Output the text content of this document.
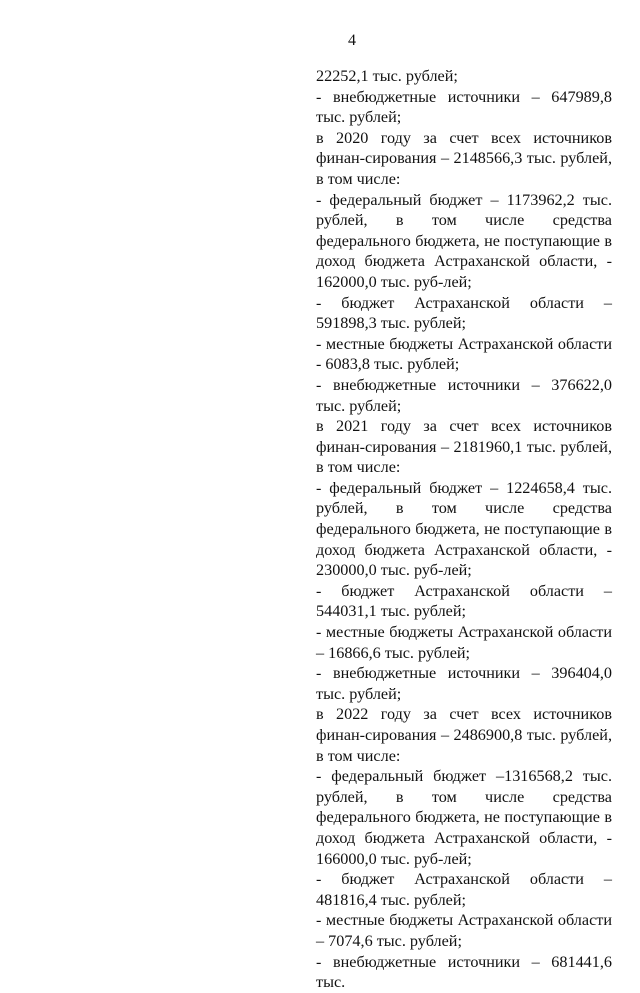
4
22252,1 тыс. рублей;
- внебюджетные источники – 647989,8 тыс. рублей;
в 2020 году за счет всех источников финан-сирования – 2148566,3 тыс. рублей, в том числе:
- федеральный бюджет – 1173962,2 тыс. рублей, в том числе средства федерального бюджета, не поступающие в доход бюджета Астраханской области, - 162000,0 тыс. руб-лей;
- бюджет Астраханской области – 591898,3 тыс. рублей;
- местные бюджеты Астраханской области - 6083,8 тыс. рублей;
- внебюджетные источники – 376622,0 тыс. рублей;
в 2021 году за счет всех источников финан-сирования – 2181960,1 тыс. рублей, в том числе:
- федеральный бюджет – 1224658,4 тыс. рублей, в том числе средства федерального бюджета, не поступающие в доход бюджета Астраханской области, - 230000,0 тыс. руб-лей;
- бюджет Астраханской области – 544031,1 тыс. рублей;
- местные бюджеты Астраханской области – 16866,6 тыс. рублей;
- внебюджетные источники – 396404,0 тыс. рублей;
в 2022 году за счет всех источников финан-сирования – 2486900,8 тыс. рублей, в том числе:
- федеральный бюджет –1316568,2 тыс. рублей, в том числе средства федерального бюджета, не поступающие в доход бюджета Астраханской области, - 166000,0 тыс. руб-лей;
- бюджет Астраханской области – 481816,4 тыс. рублей;
- местные бюджеты Астраханской области – 7074,6 тыс. рублей;
- внебюджетные источники – 681441,6 тыс.
